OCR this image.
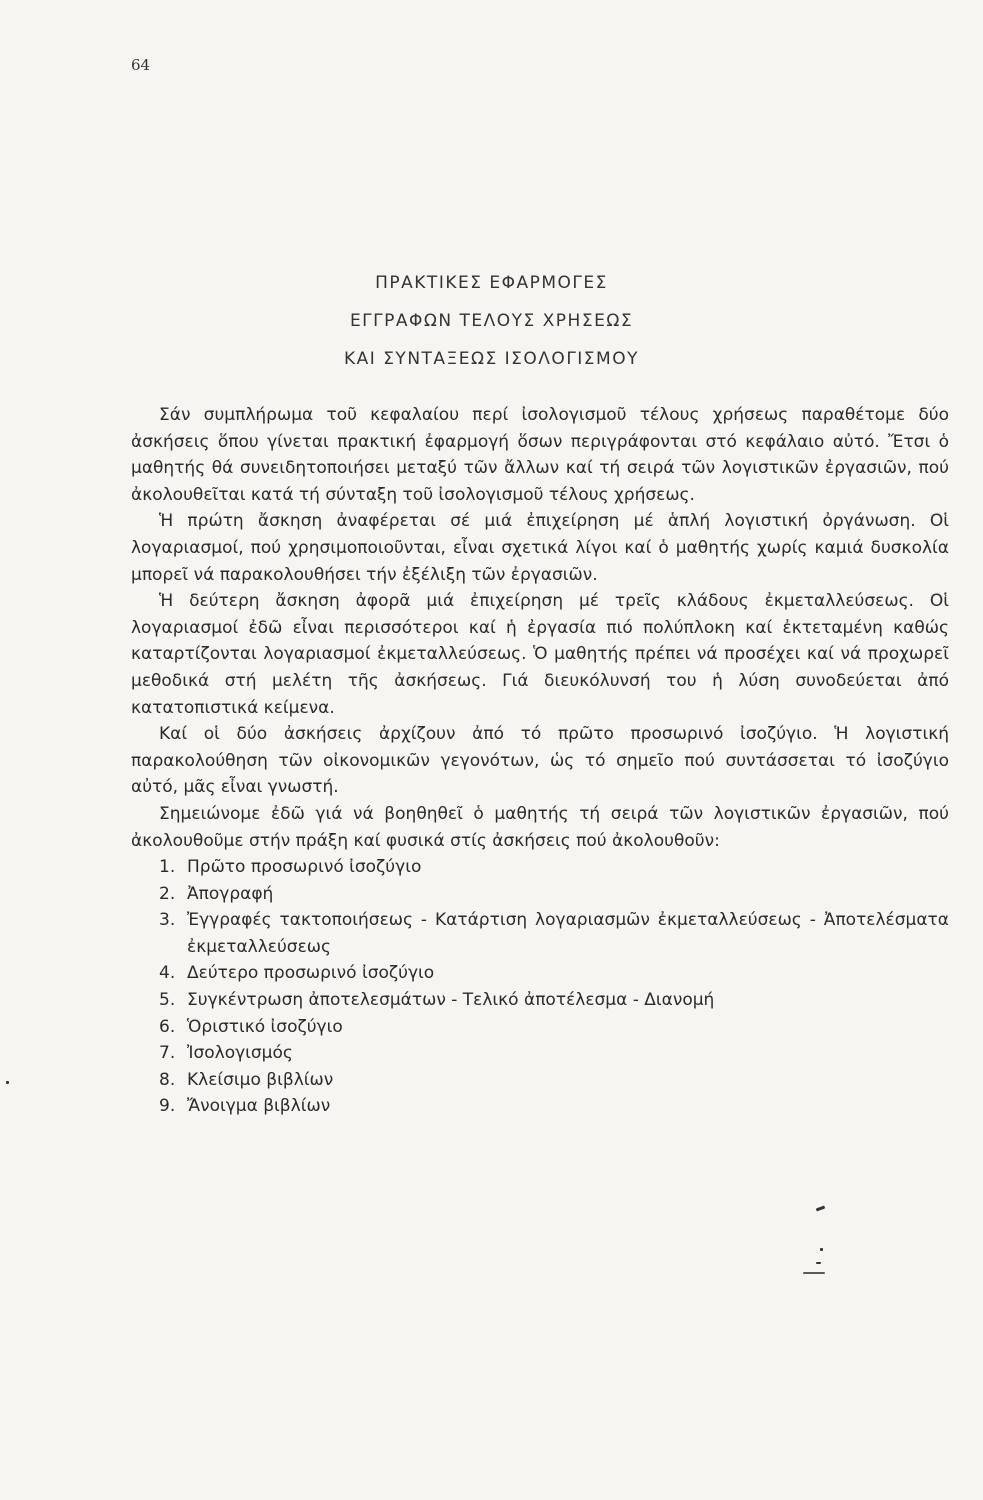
64
ΠΡΑΚΤΙΚΕΣ ΕΦΑΡΜΟΓΕΣ
ΕΓΓΡΑΦΩΝ ΤΕΛΟΥΣ ΧΡΗΣΕΩΣ
ΚΑΙ ΣΥΝΤΑΞΕΩΣ ΙΣΟΛΟΓΙΣΜΟΥ

Σάν συμπλήρωμα τοῦ κεφαλαίου περί ἰσολογισμοῦ τέλους χρήσεως παραθέτομε δύο ἀσκήσεις ὅπου γίνεται πρακτική ἐφαρμογή ὅσων περιγράφονται στό κεφάλαιο αὐτό. Ἔτσι ὁ μαθητής θά συνειδητοποιήσει μεταξύ τῶν ἄλλων καί τή σειρά τῶν λογιστικῶν ἐργασιῶν, πού ἀκολουθεῖται κατά τή σύνταξη τοῦ ἰσολογισμοῦ τέλους χρήσεως.

Ἡ πρώτη ἄσκηση ἀναφέρεται σέ μιά ἐπιχείρηση μέ ἁπλή λογιστική ὀργάνωση. Οἱ λογαριασμοί, πού χρησιμοποιοῦνται, εἶναι σχετικά λίγοι καί ὁ μαθητής χωρίς καμιά δυσκολία μπορεῖ νά παρακολουθήσει τήν ἐξέλιξη τῶν ἐργασιῶν.

Ἡ δεύτερη ἄσκηση ἀφορᾶ μιά ἐπιχείρηση μέ τρεῖς κλάδους ἐκμεταλλεύσεως. Οἱ λογαριασμοί ἐδῶ εἶναι περισσότεροι καί ἡ ἐργασία πιό πολύπλοκη καί ἐκτεταμένη καθώς καταρτίζονται λογαριασμοί ἐκμεταλλεύσεως. Ὁ μαθητής πρέπει νά προσέχει καί νά προχωρεῖ μεθοδικά στή μελέτη τῆς ἀσκήσεως. Γιά διευκόλυνσή του ἡ λύση συνοδεύεται ἀπό κατατοπιστικά κείμενα.

Καί οἱ δύο ἀσκήσεις ἀρχίζουν ἀπό τό πρῶτο προσωρινό ἰσοζύγιο. Ἡ λογιστική παρακολούθηση τῶν οἰκονομικῶν γεγονότων, ὡς τό σημεῖο πού συντάσσεται τό ἰσοζύγιο αὐτό, μᾶς εἶναι γνωστή.

Σημειώνομε ἐδῶ γιά νά βοηθηθεῖ ὁ μαθητής τή σειρά τῶν λογιστικῶν ἐργασιῶν, πού ἀκολουθοῦμε στήν πράξη καί φυσικά στίς ἀσκήσεις πού ἀκολουθοῦν:

1. Πρῶτο προσωρινό ἰσοζύγιο
2. Ἀπογραφή
3. Ἐγγραφές τακτοποιήσεως - Κατάρτιση λογαριασμῶν ἐκμεταλλεύσεως - Ἀποτελέσματα ἐκμεταλλεύσεως
4. Δεύτερο προσωρινό ἰσοζύγιο
5. Συγκέντρωση ἀποτελεσμάτων - Τελικό ἀποτέλεσμα - Διανομή
6. Ὁριστικό ἰσοζύγιο
7. Ἰσολογισμός
8. Κλείσιμο βιβλίων
9. Ἄνοιγμα βιβλίων
